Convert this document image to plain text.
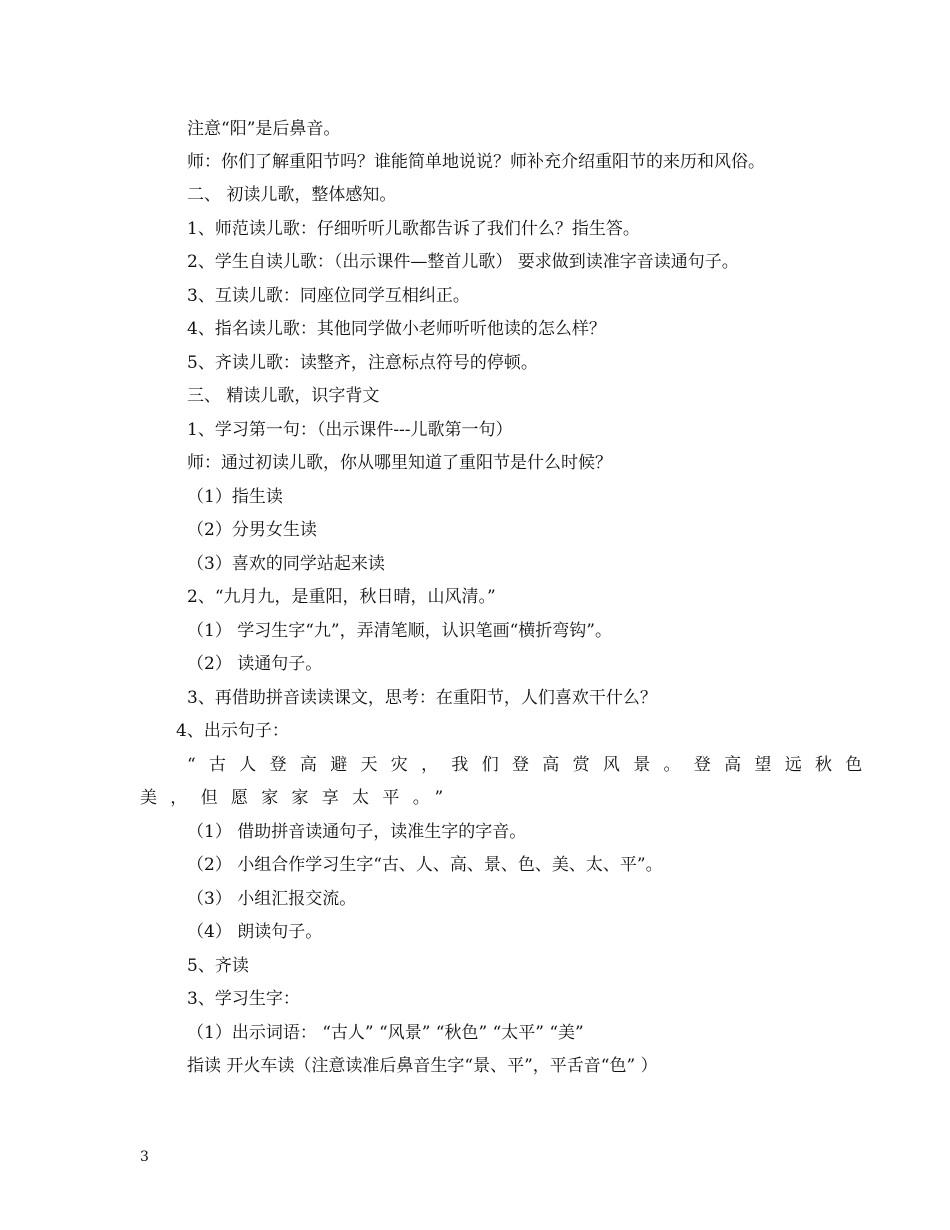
注意“阳”是后鼻音。
师：你们了解重阳节吗？谁能简单地说说？师补充介绍重阳节的来历和风俗。
二、 初读儿歌，整体感知。
1、师范读儿歌：仔细听听儿歌都告诉了我们什么？指生答。
2、学生自读儿歌：（出示课件—整首儿歌） 要求做到读准字音读通句子。
3、互读儿歌：同座位同学互相纠正。
4、指名读儿歌：其他同学做小老师听听他读的怎么样？
5、齐读儿歌：读整齐，注意标点符号的停顿。
三、 精读儿歌，识字背文
1、学习第一句：（出示课件---儿歌第一句）
师：通过初读儿歌，你从哪里知道了重阳节是什么时候？
（1）指生读
（2）分男女生读
（3）喜欢的同学站起来读
2、“九月九，是重阳，秋日晴，山风清。”
（1） 学习生字“九”，弄清笔顺，认识笔画“横折弯钩”。
（2） 读通句子。
3、再借助拼音读读课文，思考：在重阳节，人们喜欢干什么？
4、出示句子：
“古人登高避天灾，我们登高赏风景。登高望远秋色
美，但愿家家享太平。”
（1） 借助拼音读通句子，读准生字的字音。
（2） 小组合作学习生字“古、人、高、景、色、美、太、平”。
（3） 小组汇报交流。
（4） 朗读句子。
5、齐读
3、学习生字：
（1）出示词语： “古人” “风景” “秋色” “太平” “美”
指读 开火车读（注意读准后鼻音生字“景、平”，平舌音“色” ）
3
